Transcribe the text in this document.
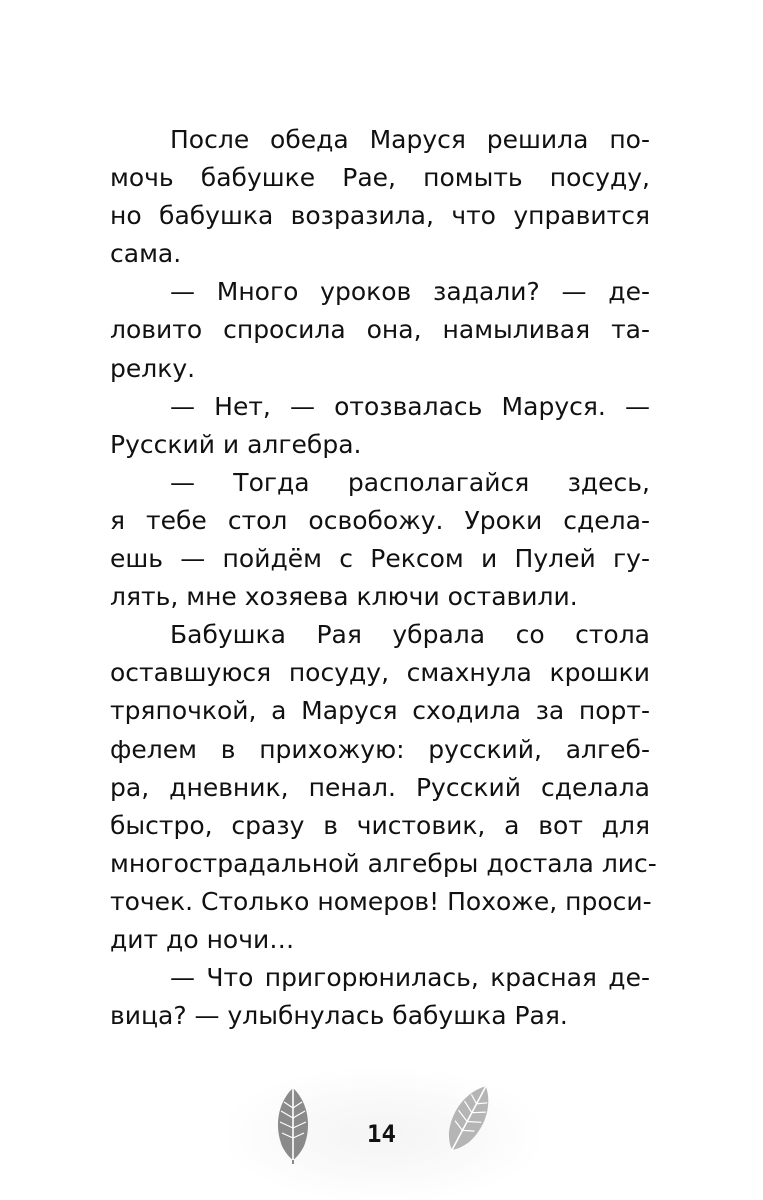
После обеда Маруся решила по-
мочь бабушке Рае, помыть посуду,
но бабушка возразила, что управится
сама.
— Много уроков задали? — де-
ловито спросила она, намыливая та-
релку.
— Нет, — отозвалась Маруся. —
Русский и алгебра.
— Тогда располагайся здесь,
я тебе стол освобожу. Уроки сдела-
ешь — пойдём с Рексом и Пулей гу-
лять, мне хозяева ключи оставили.
Бабушка Рая убрала со стола
оставшуюся посуду, смахнула крошки
тряпочкой, а Маруся сходила за порт-
фелем в прихожую: русский, алгеб-
ра, дневник, пенал. Русский сделала
быстро, сразу в чистовик, а вот для
многострадальной алгебры достала лис-
точек. Столько номеров! Похоже, проси-
дит до ночи…
— Что пригорюнилась, красная де-
вица? — улыбнулась бабушка Рая.
14
